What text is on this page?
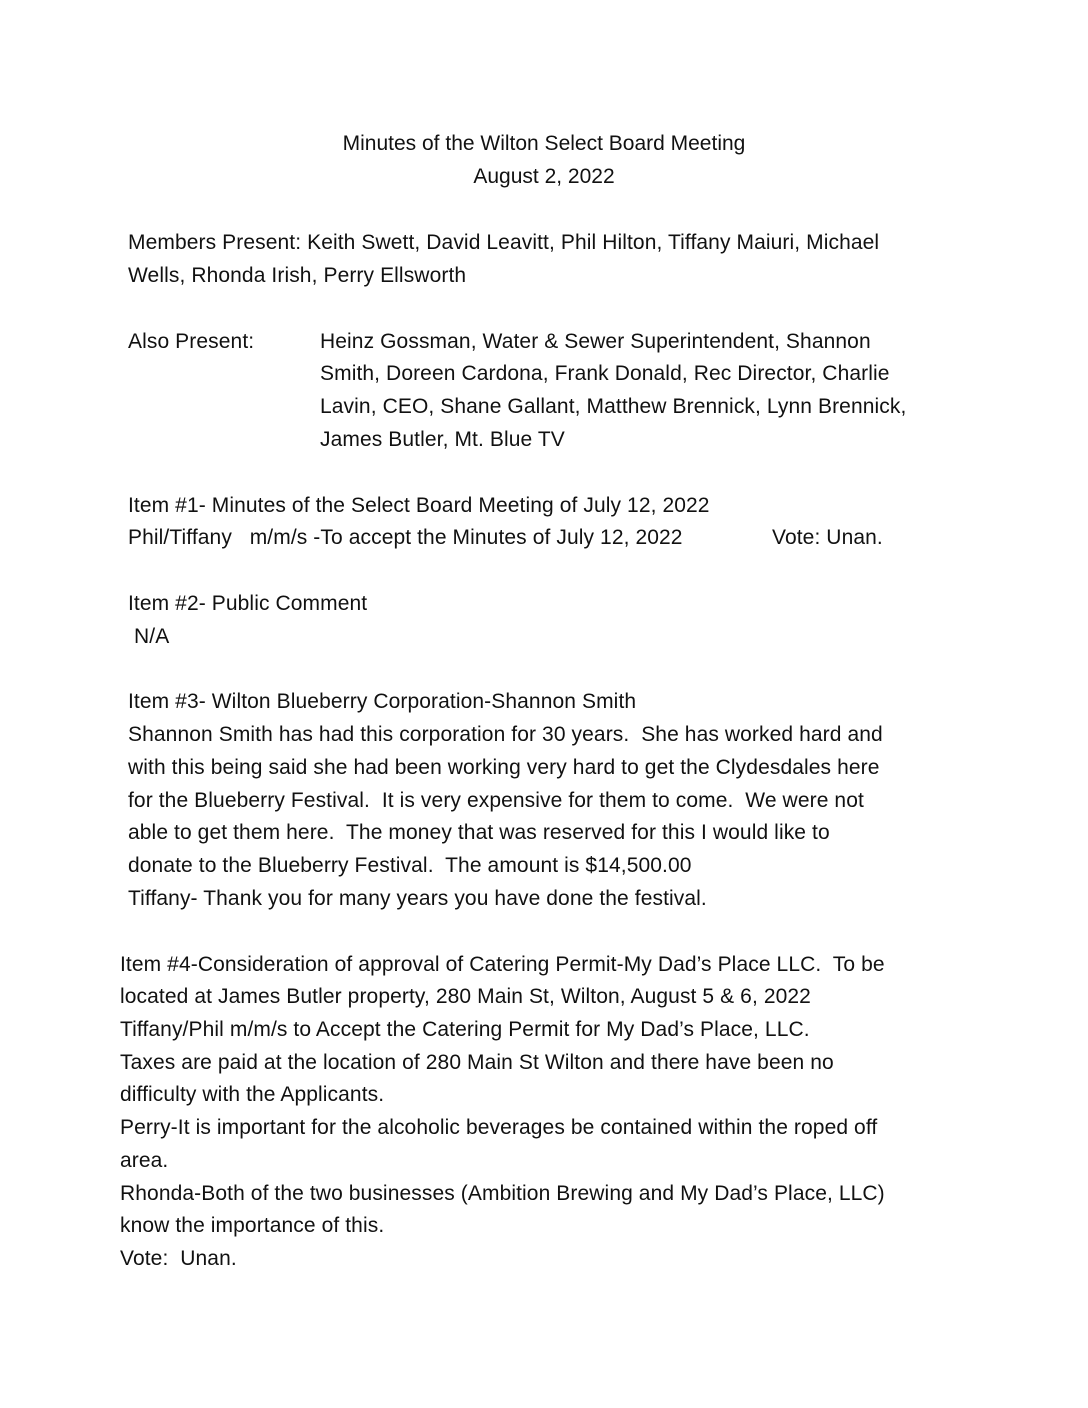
Minutes of the Wilton Select Board Meeting
August 2, 2022
Members Present: Keith Swett, David Leavitt, Phil Hilton, Tiffany Maiuri, Michael
Wells, Rhonda Irish, Perry Ellsworth
Also Present:	Heinz Gossman, Water & Sewer Superintendent, Shannon
Smith, Doreen Cardona, Frank Donald, Rec Director, Charlie
Lavin, CEO, Shane Gallant, Matthew Brennick, Lynn Brennick,
James Butler, Mt. Blue TV
Item #1- Minutes of the Select Board Meeting of July 12, 2022
Phil/Tiffany   m/m/s -To accept the Minutes of July 12, 2022	Vote: Unan.
Item #2- Public Comment
N/A
Item #3- Wilton Blueberry Corporation-Shannon Smith
Shannon Smith has had this corporation for 30 years.  She has worked hard and
with this being said she had been working very hard to get the Clydesdales here
for the Blueberry Festival.  It is very expensive for them to come.  We were not
able to get them here.  The money that was reserved for this I would like to
donate to the Blueberry Festival.  The amount is $14,500.00
Tiffany- Thank you for many years you have done the festival.
Item #4-Consideration of approval of Catering Permit-My Dad’s Place LLC.  To be
located at James Butler property, 280 Main St, Wilton, August 5 & 6, 2022
Tiffany/Phil m/m/s to Accept the Catering Permit for My Dad’s Place, LLC.
Taxes are paid at the location of 280 Main St Wilton and there have been no
difficulty with the Applicants.
Perry-It is important for the alcoholic beverages be contained within the roped off
area.
Rhonda-Both of the two businesses (Ambition Brewing and My Dad’s Place, LLC)
know the importance of this.
Vote:  Unan.
